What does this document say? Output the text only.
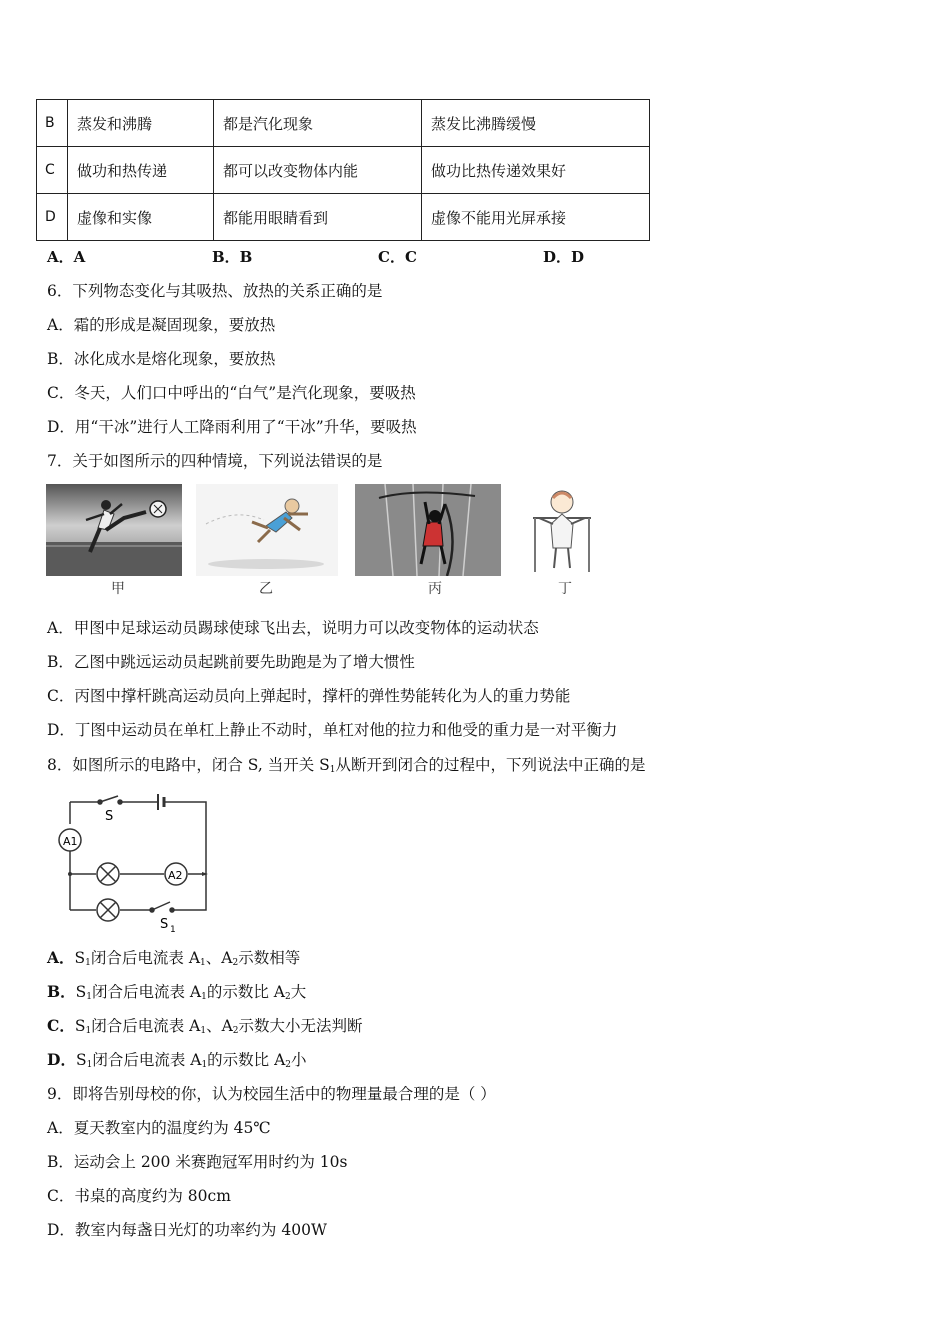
B	蒸发和沸腾	都是汽化现象	蒸发比沸腾缓慢
C	做功和热传递	都可以改变物体内能	做功比热传递效果好
D	虚像和实像	都能用眼睛看到	虚像不能用光屏承接
A．A	B．B	C．C	D．D
6．下列物态变化与其吸热、放热的关系正确的是
A．霜的形成是凝固现象，要放热
B．冰化成水是熔化现象，要放热
C．冬天，人们口中呼出的“白气”是汽化现象，要吸热
D．用“干冰”进行人工降雨利用了“干冰”升华，要吸热
7．关于如图所示的四种情境，下列说法错误的是
甲	乙	丙	丁
A．甲图中足球运动员踢球使球飞出去，说明力可以改变物体的运动状态
B．乙图中跳远运动员起跳前要先助跑是为了增大惯性
C．丙图中撑杆跳高运动员向上弹起时，撑杆的弹性势能转化为人的重力势能
D．丁图中运动员在单杠上静止不动时，单杠对他的拉力和他受的重力是一对平衡力
8．如图所示的电路中，闭合 S, 当开关 $S_1$从断开到闭合的过程中，下列说法中正确的是
S
A1
A2
S 1
A．$S_1$闭合后电流表 $A_1$、$A_2$示数相等
B．$S_1$闭合后电流表 $A_1$的示数比 $A_2$大
C．$S_1$闭合后电流表 $A_1$、$A_2$示数大小无法判断
D．$S_1$闭合后电流表 $A_1$的示数比 $A_2$小
9．即将告别母校的你，认为校园生活中的物理量最合理的是（ ）
A．夏天教室内的温度约为 45℃
B．运动会上 200 米赛跑冠军用时约为 10s
C．书桌的高度约为 80cm
D．教室内每盏日光灯的功率约为 400W
